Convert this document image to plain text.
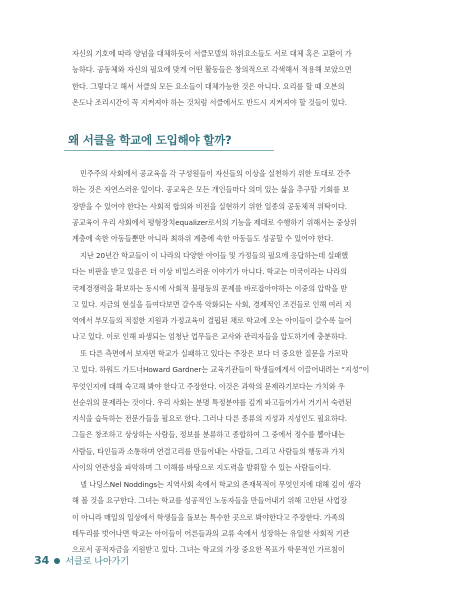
자신의 기호에 따라 양념을 대체하듯이 서클모델의 하위요소들도 서로 대체 혹은 교환이 가
능하다. 공동체와 자신의 필요에 맞게 어떤 활동들은 창의적으로 각색해서 적용해 보았으면
한다. 그렇다고 해서 서클의 모든 요소들이 대체가능한 것은 아니다. 요리를 할 때 오븐의
온도나 조리시간이 꼭 지켜져야 하는 것처럼 서클에서도 반드시 지켜져야 할 것들이 있다.
왜 서클을 학교에 도입해야 할까?
민주주의 사회에서 공교육을 각 구성원들이 자신들의 이상을 실천하기 위한 토대로 간주
하는 것은 자연스러운 일이다. 공교육은 모든 개인들마다 의미 있는 삶을 추구할 기회를 보
장받을 수 있어야 한다는 사회적 합의와 비전을 실현하기 위한 일종의 공동체적 위탁이다.
공교육이 우리 사회에서 평형장치equalizer로서의 기능을 제대로 수행하기 위해서는 중상위
계층에 속한 아동들뿐만 아니라 최하위 계층에 속한 아동들도 성공할 수 있어야 한다.
지난 20년간 학교들이 이 나라의 다양한 아이들 및 가정들의 필요에 응답하는데 실패했
다는 비판을 받고 있음은 더 이상 비밀스러운 이야기가 아니다. 학교는 미국이라는 나라의
국제경쟁력을 확보하는 동시에 사회적 불평등의 문제를 바로잡아야하는 이중의 압박을 받
고 있다. 지금의 현실을 들여다보면 갈수록 악화되는 사회, 경제적인 조건들로 인해 여러 지
역에서 부모들의 적절한 지원과 가정교육이 결핍된 채로 학교에 오는 아이들이 갈수록 늘어
나고 있다. 이로 인해 파생되는 엄청난 업무들은 교사와 관리자들을 압도하기에 충분하다.
또 다른 측면에서 보자면 학교가 실패하고 있다는 주장은 보다 더 중요한 질문을 가로막
고 있다. 하워드 가드너Howard Gardner는 교육기관들이 학생들에게서 이끌어내려는 “지성”이
무엇인지에 대해 숙고해 봐야 한다고 주장한다. 이것은 과학의 문제라기보다는 가치와 우
선순위의 문제라는 것이다. 우리 사회는 분명 특정분야를 깊게 파고들어가서 거기서 숙련된
지식을 습득하는 전문가들을 필요로 한다. 그러나 다른 종류의 지성과 지성인도 필요하다.
그들은 창조하고 상상하는 사람들, 정보를 분류하고 종합하여 그 중에서 정수를 뽑아내는
사람들, 타인들과 소통하며 연결고리를 만들어내는 사람들, 그리고 사람들의 행동과 가치
사이의 연관성을 파악하며 그 이해를 바탕으로 지도력을 발휘할 수 있는 사람들이다.
넬 나딩스Nel Noddings는 지역사회 속에서 학교의 존재목적이 무엇인지에 대해 깊이 생각
해 볼 것을 요구한다. 그녀는 학교를 성공적인 노동자들을 만들어내기 위해 고안된 사업장
이 아니라 매일의 일상에서 학생들을 돌보는 특수한 곳으로 봐야한다고 주장한다. 가족의
테두리를 벗어나면 학교는 아이들이 어른들과의 교류 속에서 성장하는 유일한 사회적 기관
으로서 공적자금을 지원받고 있다. 그녀는 학교의 가장 중요한 목표가 학문적인 가르침이
34 서클로 나아가기
